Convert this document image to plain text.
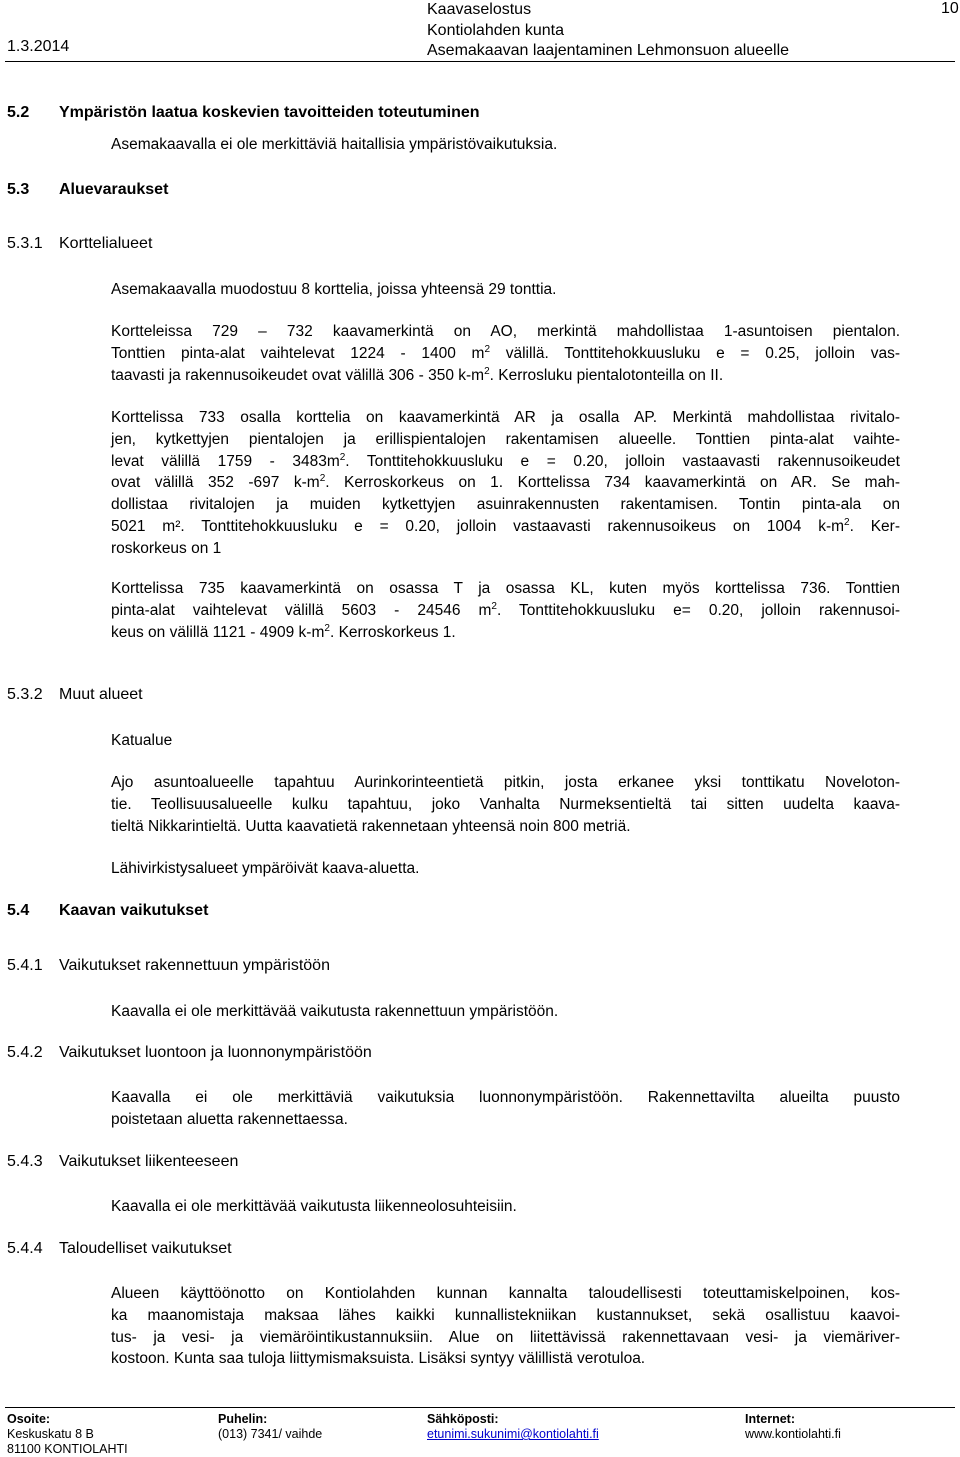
1.3.2014
Kaavaselostus
Kontiolahden kunta
Asemakaavan laajentaminen Lehmonsuon alueelle
10
5.2 Ympäristön laatua koskevien tavoitteiden toteutuminen
Asemakaavalla ei ole merkittäviä haitallisia ympäristövaikutuksia.
5.3 Aluevaraukset
5.3.1 Korttelialueet
Asemakaavalla muodostuu 8 korttelia, joissa yhteensä 29 tonttia.
Kortteleissa 729 – 732 kaavamerkintä on AO, merkintä mahdollistaa 1-asuntoisen pientalon.
Tonttien pinta-alat vaihtelevat 1224 - 1400 $m^2$ välillä. Tonttitehokkuusluku e = 0.25, jolloin vas-
taavasti ja rakennusoikeudet ovat välillä 306 - 350 $k-m^2$. Kerrosluku pientalotonteilla on II.
Korttelissa 733 osalla korttelia on kaavamerkintä AR ja osalla AP. Merkintä mahdollistaa rivitalo-
jen, kytkettyjen pientalojen ja erillispientalojen rakentamisen alueelle. Tonttien pinta-alat vaihte-
levat välillä $1759 - 3483m^2$. Tonttitehokkuusluku e = 0.20, jolloin vastaavasti rakennusoikeudet
ovat välillä 352 -697 $k-m^2$. Kerroskorkeus on 1. Korttelissa 734 kaavamerkintä on AR. Se mah-
dollistaa rivitalojen ja muiden kytkettyjen asuinrakennusten rakentamisen. Tontin pinta-ala on
5021 m². Tonttitehokkuusluku e = 0.20, jolloin vastaavasti rakennusoikeus on 1004 $k-m^2$. Ker-
roskorkeus on 1
Korttelissa 735 kaavamerkintä on osassa T ja osassa KL, kuten myös korttelissa 736. Tonttien
pinta-alat vaihtelevat välillä 5603 - 24546 $m^2$. Tonttitehokkuusluku e= 0.20, jolloin rakennusoi-
keus on välillä 1121 - 4909 $k-m^2$. Kerroskorkeus 1.
5.3.2 Muut alueet
Katualue
Ajo asuntoalueelle tapahtuu Aurinkorinteentietä pitkin, josta erkanee yksi tonttikatu Noveloton-
tie. Teollisuusalueelle kulku tapahtuu, joko Vanhalta Nurmeksentieltä tai sitten uudelta kaava-
tieltä Nikkarintieltä. Uutta kaavatietä rakennetaan yhteensä noin 800 metriä.
Lähivirkistysalueet ympäröivät kaava-aluetta.
5.4 Kaavan vaikutukset
5.4.1 Vaikutukset rakennettuun ympäristöön
Kaavalla ei ole merkittävää vaikutusta rakennettuun ympäristöön.
5.4.2 Vaikutukset luontoon ja luonnonympäristöön
Kaavalla ei ole merkittäviä vaikutuksia luonnonympäristöön. Rakennettavilta alueilta puusto
poistetaan aluetta rakennettaessa.
5.4.3 Vaikutukset liikenteeseen
Kaavalla ei ole merkittävää vaikutusta liikenneolosuhteisiin.
5.4.4 Taloudelliset vaikutukset
Alueen käyttöönotto on Kontiolahden kunnan kannalta taloudellisesti toteuttamiskelpoinen, kos-
ka maanomistaja maksaa lähes kaikki kunnallistekniikan kustannukset, sekä osallistuu kaavoi-
tus- ja vesi- ja viemäröintikustannuksiin. Alue on liitettävissä rakennettavaan vesi- ja viemäriver-
kostoon. Kunta saa tuloja liittymismaksuista. Lisäksi syntyy välillistä verotuloa.
Osoite:
Keskuskatu 8 B
81100 KONTIOLAHTI
Puhelin:
(013) 7341/ vaihde
Sähköposti:
etunimi.sukunimi@kontiolahti.fi
Internet:
www.kontiolahti.fi
